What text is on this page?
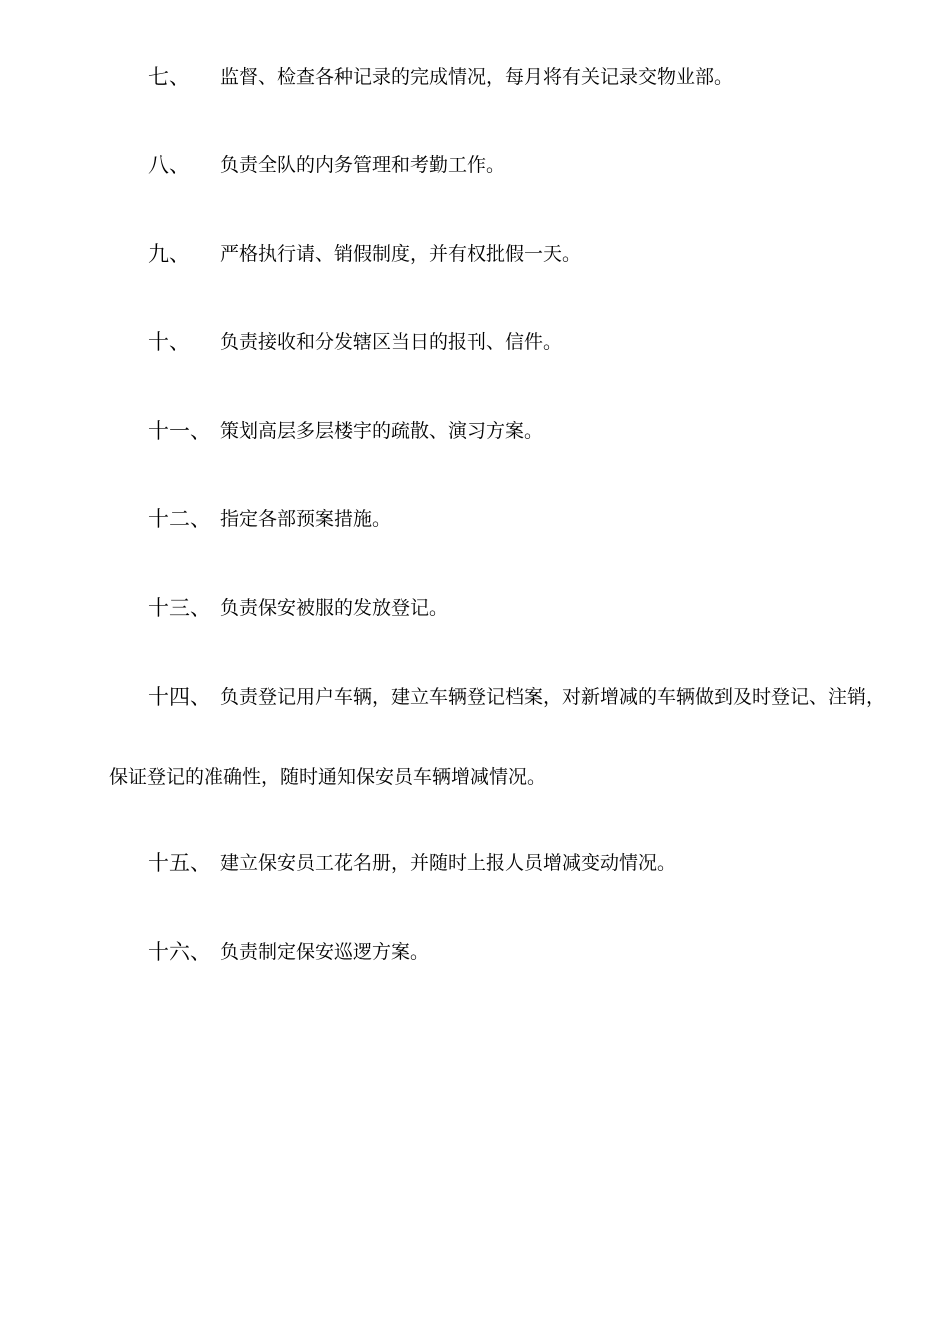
七、 监督、检查各种记录的完成情况，每月将有关记录交物业部。
八、 负责全队的内务管理和考勤工作。
九、 严格执行请、销假制度，并有权批假一天。
十、 负责接收和分发辖区当日的报刊、信件。
十一、 策划高层多层楼宇的疏散、演习方案。
十二、 指定各部预案措施。
十三、 负责保安被服的发放登记。
十四、 负责登记用户车辆，建立车辆登记档案，对新增减的车辆做到及时登记、注销，
保证登记的准确性，随时通知保安员车辆增减情况。
十五、 建立保安员工花名册，并随时上报人员增减变动情况。
十六、 负责制定保安巡逻方案。
